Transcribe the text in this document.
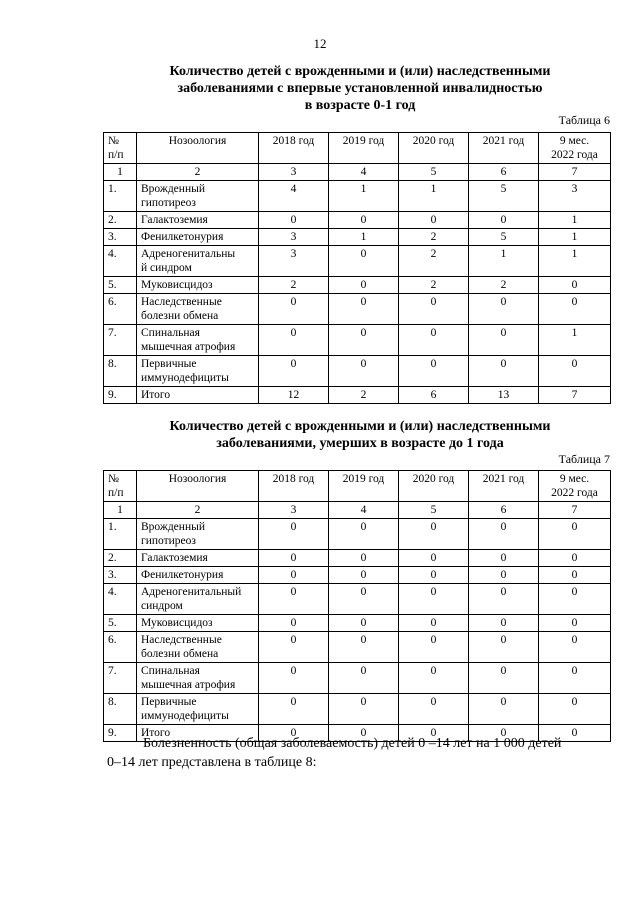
12
Количество детей с врожденными и (или) наследственными
заболеваниями с впервые установленной инвалидностью
в возрасте 0-1 год
Таблица 6
№
п/п	Нозоология	2018 год	2019 год	2020 год	2021 год	9 мес.
2022 года
1	2	3	4	5	6	7
1.	Врожденный
гипотиреоз	4	1	1	5	3
2.	Галактоземия	0	0	0	0	1
3.	Фенилкетонурия	3	1	2	5	1
4.	Адреногенитальны
й синдром	3	0	2	1	1
5.	Муковисцидоз	2	0	2	2	0
6.	Наследственные
болезни обмена	0	0	0	0	0
7.	Спинальная
мышечная атрофия	0	0	0	0	1
8.	Первичные
иммунодефициты	0	0	0	0	0
9.	Итого	12	2	6	13	7
Количество детей с врожденными и (или) наследственными
заболеваниями, умерших в возрасте до 1 года
Таблица 7
№
п/п	Нозоология	2018 год	2019 год	2020 год	2021 год	9 мес.
2022 года
1	2	3	4	5	6	7
1.	Врожденный
гипотиреоз	0	0	0	0	0
2.	Галактоземия	0	0	0	0	0
3.	Фенилкетонурия	0	0	0	0	0
4.	Адреногенитальный
синдром	0	0	0	0	0
5.	Муковисцидоз	0	0	0	0	0
6.	Наследственные
болезни обмена	0	0	0	0	0
7.	Спинальная
мышечная атрофия	0	0	0	0	0
8.	Первичные
иммунодефициты	0	0	0	0	0
9.	Итого	0	0	0	0	0
Болезненность (общая заболеваемость) детей 0 –14 лет на 1 000 детей
0–14 лет представлена в таблице 8:
